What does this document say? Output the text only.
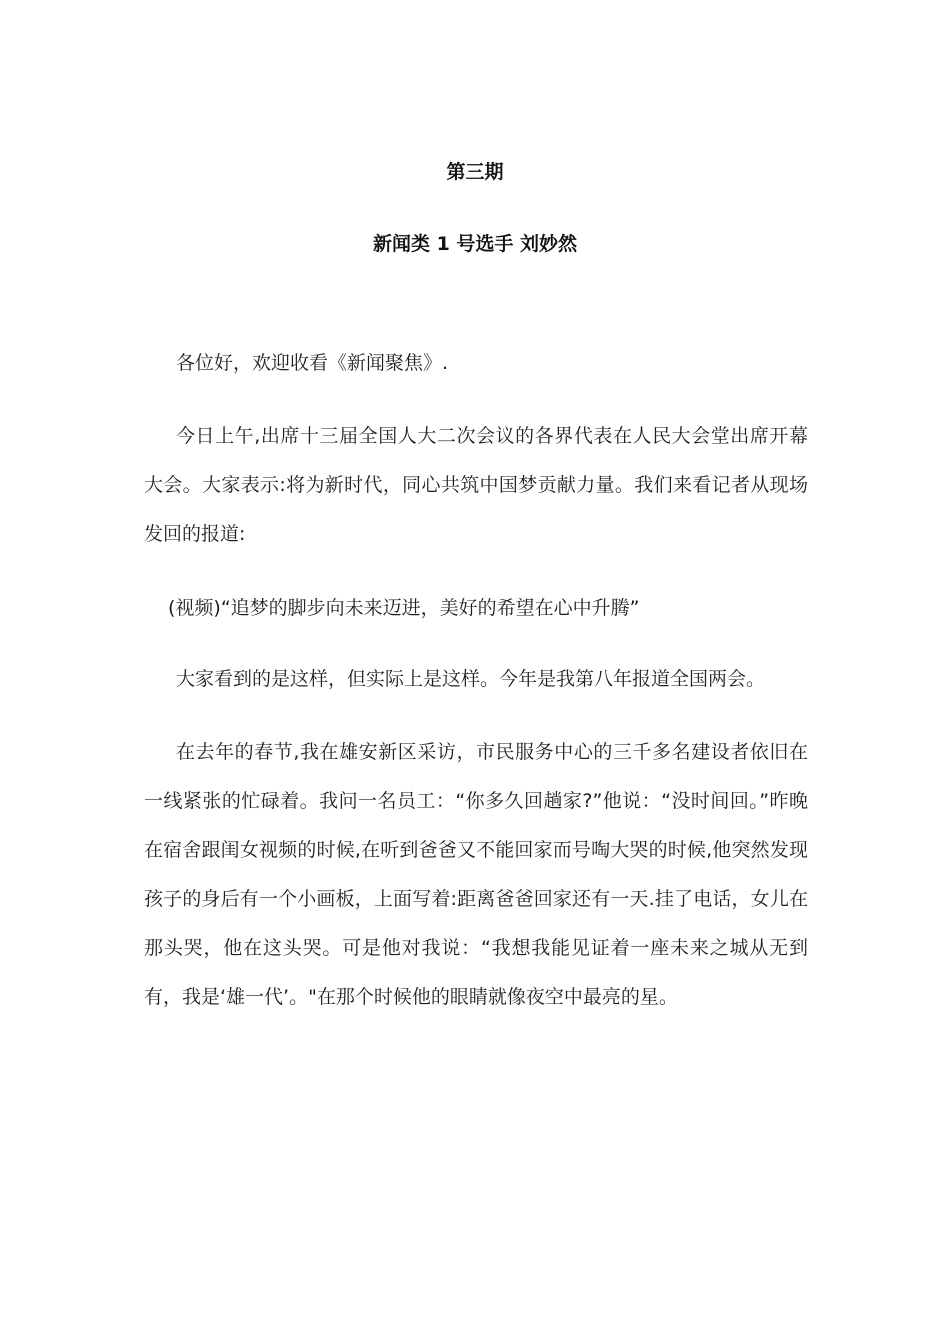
第三期
新闻类 1 号选手 刘妙然

各位好，欢迎收看《新闻聚焦》.

今日上午,出席十三届全国人大二次会议的各界代表在人民大会堂出席开幕大会。大家表示:将为新时代，同心共筑中国梦贡献力量。我们来看记者从现场发回的报道:

(视频)“追梦的脚步向未来迈进，美好的希望在心中升腾”

大家看到的是这样，但实际上是这样。今年是我第八年报道全国两会。

在去年的春节,我在雄安新区采访，市民服务中心的三千多名建设者依旧在一线紧张的忙碌着。我问一名员工：“你多久回趟家?”他说：“没时间回。”昨晚在宿舍跟闺女视频的时候,在听到爸爸又不能回家而号啕大哭的时候,他突然发现孩子的身后有一个小画板，上面写着:距离爸爸回家还有一天.挂了电话，女儿在那头哭，他在这头哭。可是他对我说：“我想我能见证着一座未来之城从无到有，我是‘雄一代’。"在那个时候他的眼睛就像夜空中最亮的星。
